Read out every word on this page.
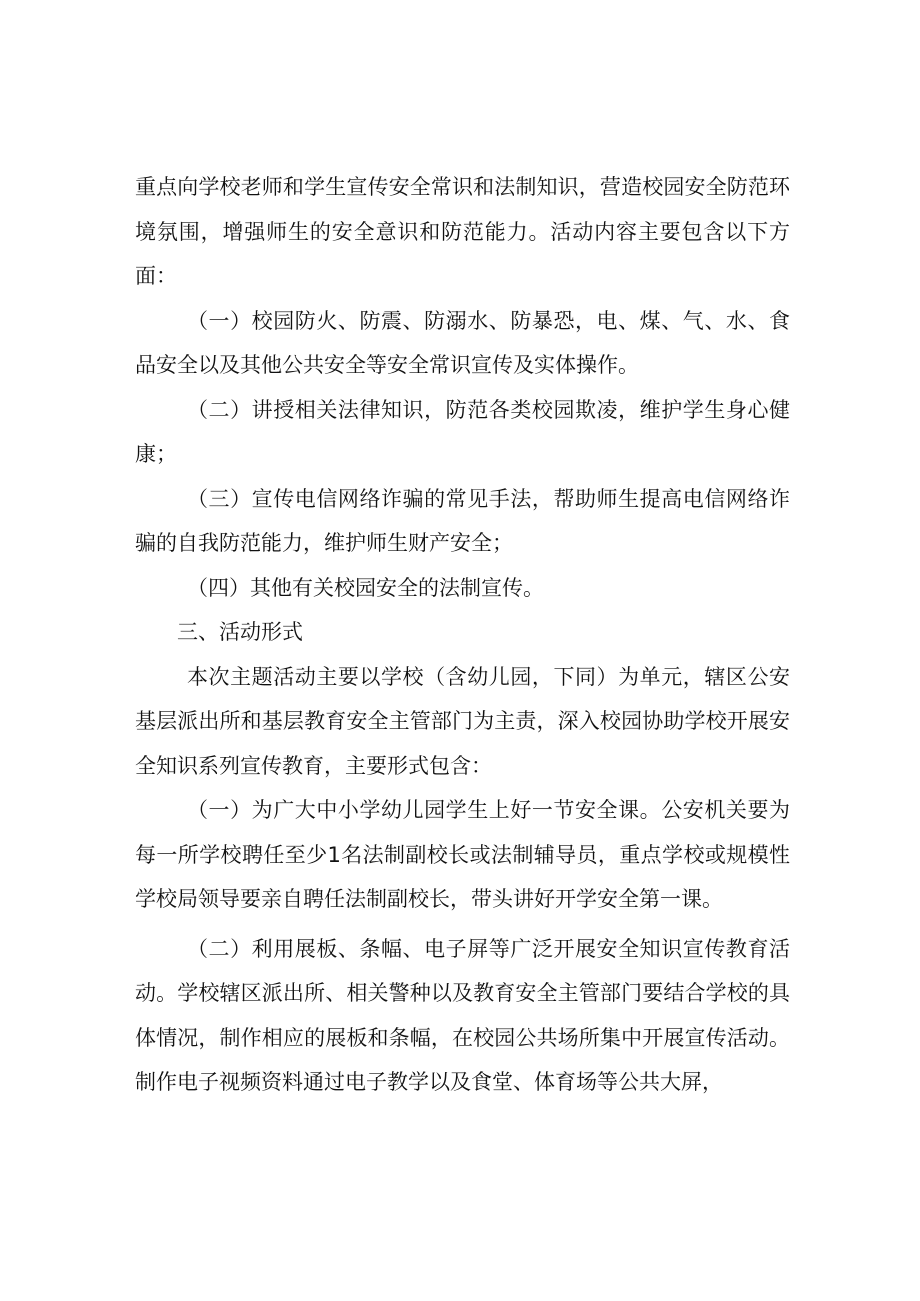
重点向学校老师和学生宣传安全常识和法制知识，营造校园安全防范环境氛围，增强师生的安全意识和防范能力。活动内容主要包含以下方面：

（一）校园防火、防震、防溺水、防暴恐，电、煤、气、水、食品安全以及其他公共安全等安全常识宣传及实体操作。

（二）讲授相关法律知识，防范各类校园欺凌，维护学生身心健康；

（三）宣传电信网络诈骗的常见手法，帮助师生提高电信网络诈骗的自我防范能力，维护师生财产安全；

（四）其他有关校园安全的法制宣传。

三、活动形式

本次主题活动主要以学校（含幼儿园，下同）为单元，辖区公安基层派出所和基层教育安全主管部门为主责，深入校园协助学校开展安全知识系列宣传教育，主要形式包含：

（一）为广大中小学幼儿园学生上好一节安全课。公安机关要为每一所学校聘任至少1名法制副校长或法制辅导员，重点学校或规模性学校局领导要亲自聘任法制副校长，带头讲好开学安全第一课。

（二）利用展板、条幅、电子屏等广泛开展安全知识宣传教育活动。学校辖区派出所、相关警种以及教育安全主管部门要结合学校的具体情况，制作相应的展板和条幅，在校园公共场所集中开展宣传活动。制作电子视频资料通过电子教学以及食堂、体育场等公共大屏，
